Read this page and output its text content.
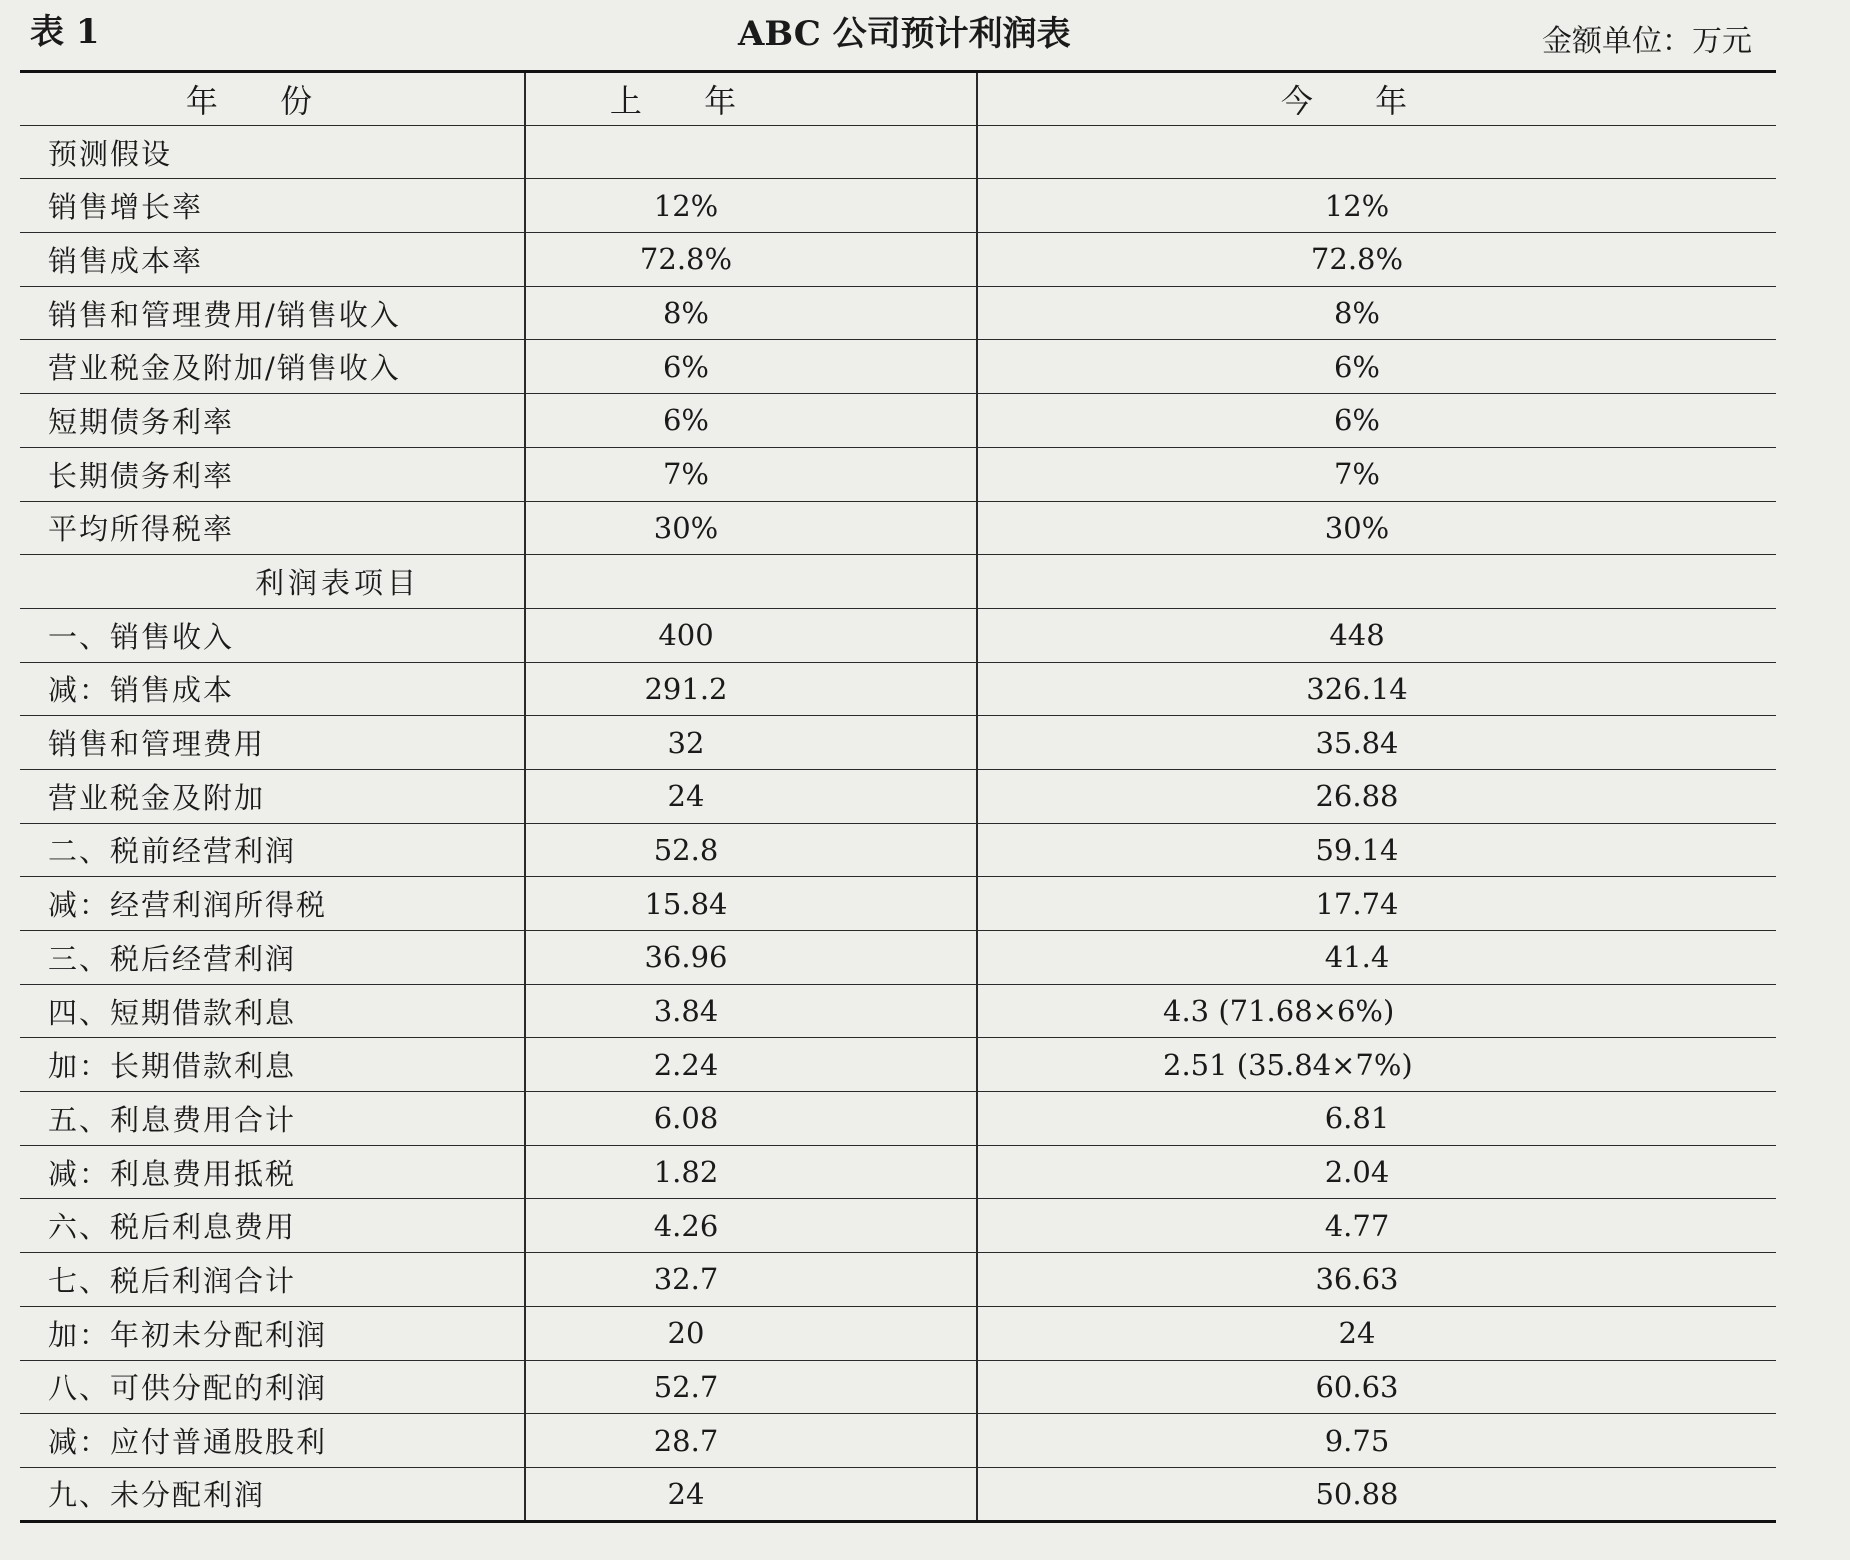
表 1	ABC 公司预计利润表	金额单位：万元
年 份	上 年	今 年
预测假设		
销售增长率	12%	12%
销售成本率	72.8%	72.8%
销售和管理费用/销售收入	8%	8%
营业税金及附加/销售收入	6%	6%
短期债务利率	6%	6%
长期债务利率	7%	7%
平均所得税率	30%	30%
利润表项目		
一、销售收入	400	448
减：销售成本	291.2	326.14
销售和管理费用	32	35.84
营业税金及附加	24	26.88
二、税前经营利润	52.8	59.14
减：经营利润所得税	15.84	17.74
三、税后经营利润	36.96	41.4
四、短期借款利息	3.84	4.3 (71.68×6%)
加：长期借款利息	2.24	2.51 (35.84×7%)
五、利息费用合计	6.08	6.81
减：利息费用抵税	1.82	2.04
六、税后利息费用	4.26	4.77
七、税后利润合计	32.7	36.63
加：年初未分配利润	20	24
八、可供分配的利润	52.7	60.63
减：应付普通股股利	28.7	9.75
九、未分配利润	24	50.88
